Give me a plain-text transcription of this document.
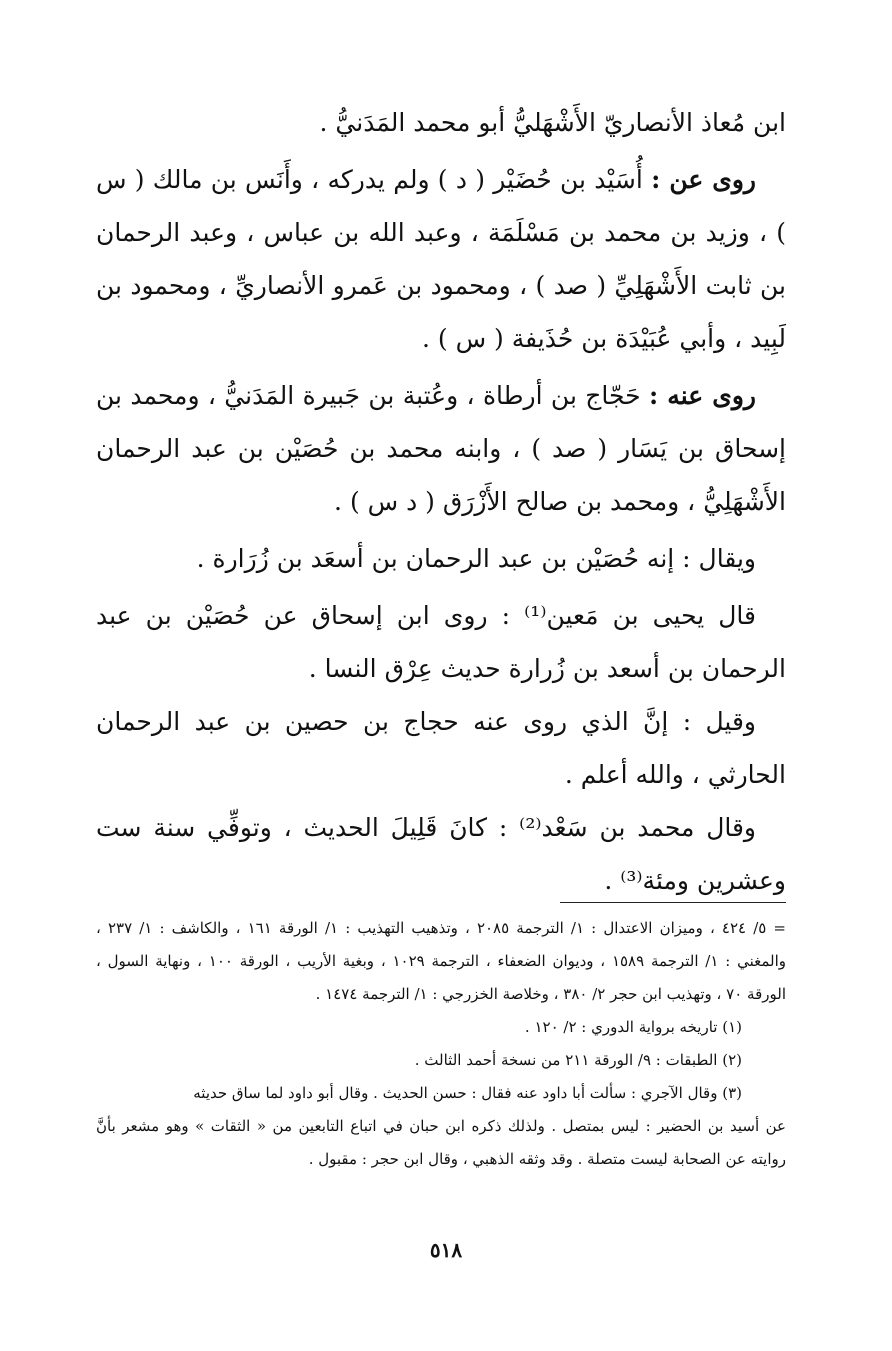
ابن مُعاذ الأنصاريّ الأَشْهَليُّ أبو محمد المَدَنيُّ .

روى عن : أُسَيْد بن حُضَيْر ( د ) ولم يدركه ، وأَنَس بن مالك ( س ) ، وزيد بن محمد بن مَسْلَمَة ، وعبد الله بن عباس ، وعبد الرحمان بن ثابت الأَشْهَلِيِّ ( صد ) ، ومحمود بن عَمرو الأنصاريِّ ، ومحمود بن لَبِيد ، وأبي عُبَيْدَة بن حُذَيفة ( س ) .

روى عنه : حَجّاج بن أرطاة ، وعُتبة بن جَبيرة المَدَنيُّ ، ومحمد بن إسحاق بن يَسَار ( صد ) ، وابنه محمد بن حُصَيْن بن عبد الرحمان الأَشْهَلِيُّ ، ومحمد بن صالح الأَزْرَق ( د س ) .

ويقال : إنه حُصَيْن بن عبد الرحمان بن أسعَد بن زُرَارة .

قال يحيى بن مَعين⁽¹⁾ : روى ابن إسحاق عن حُصَيْن بن عبد الرحمان بن أسعد بن زُرارة حديث عِرْق النسا .

وقيل : إنَّ الذي روى عنه حجاج بن حصين بن عبد الرحمان الحارثي ، والله أعلم .

وقال محمد بن سَعْد⁽²⁾ : كانَ قَلِيلَ الحديث ، وتوفِّي سنة ست وعشرين ومئة⁽³⁾ .

= ٥/ ٤٢٤ ، وميزان الاعتدال : ١/ الترجمة ٢٠٨٥ ، وتذهيب التهذيب : ١/ الورقة ١٦١ ، والكاشف : ١/ ٢٣٧ ، والمغني : ١/ الترجمة ١٥٨٩ ، وديوان الضعفاء ، الترجمة ١٠٢٩ ، وبغية الأريب ، الورقة ١٠٠ ، ونهاية السول ، الورقة ٧٠ ، وتهذيب ابن حجر ٢/ ٣٨٠ ، وخلاصة الخزرجي : ١/ الترجمة ١٤٧٤ .

(١) تاريخه برواية الدوري : ٢/ ١٢٠ .

(٢) الطبقات : ٩/ الورقة ٢١١ من نسخة أحمد الثالث .

(٣) وقال الآجري : سألت أبا داود عنه فقال : حسن الحديث . وقال أبو داود لما ساق حديثه

عن أسيد بن الحضير : ليس بمتصل . ولذلك ذكره ابن حبان في اتباع التابعين من « الثقات » وهو مشعر بأنَّ روايته عن الصحابة ليست متصلة . وقد وثقه الذهبي ، وقال ابن حجر : مقبول .

٥١٨
